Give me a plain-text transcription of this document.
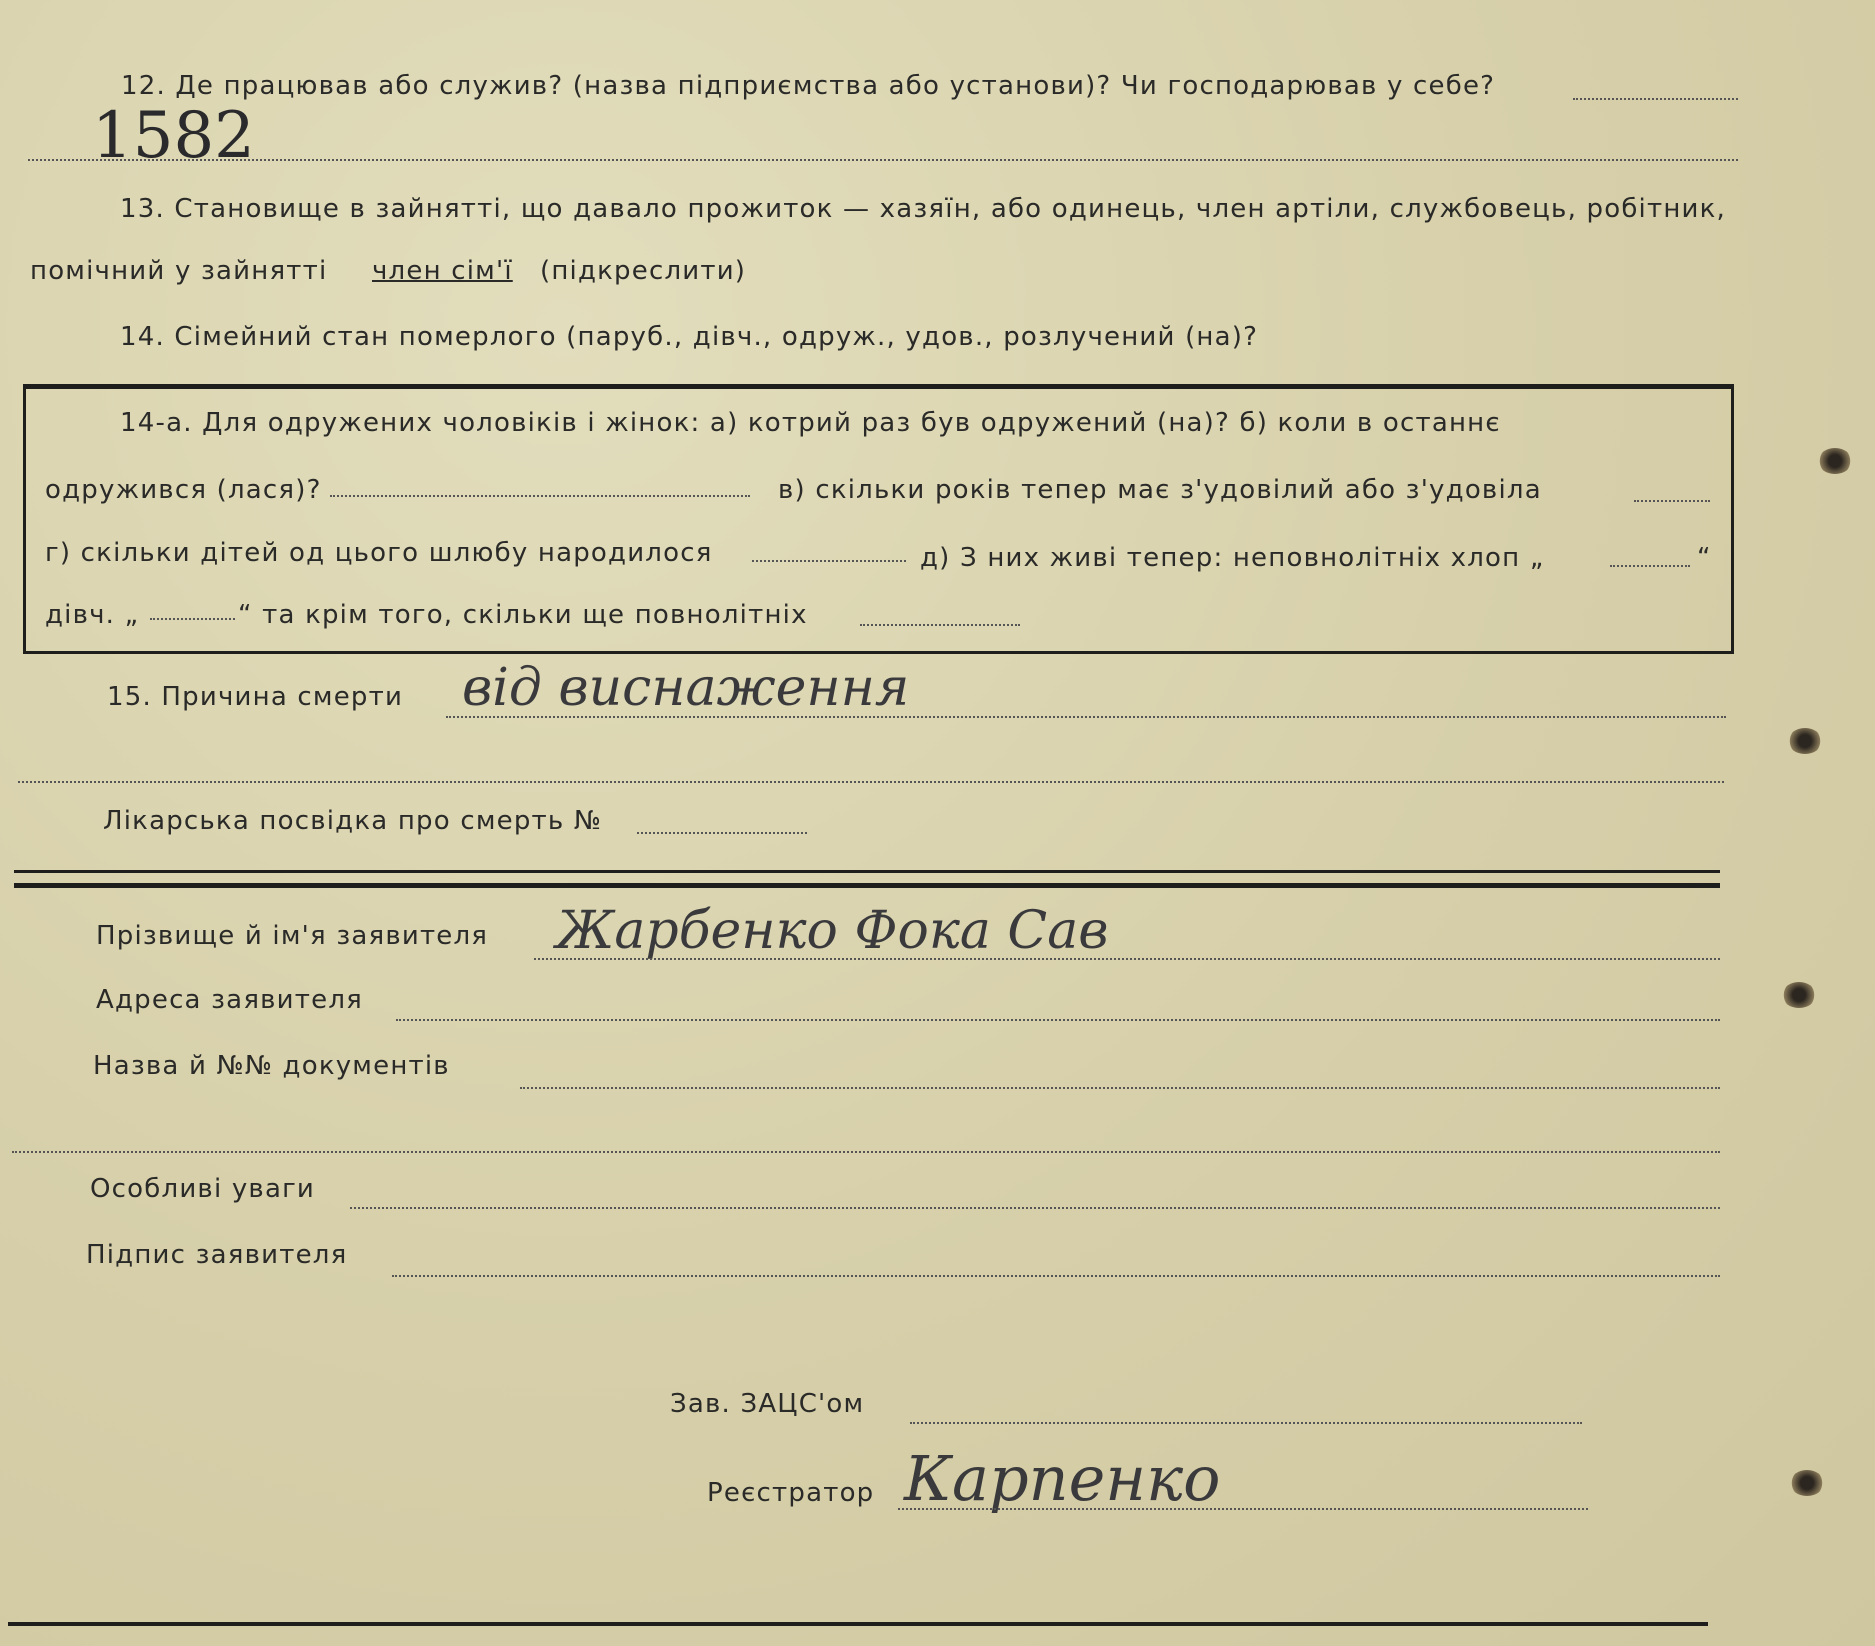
1582
12. Де працював або служив? (назва підприємства або установи)? Чи господарював у себе?
13. Становище в зайнятті, що давало прожиток — хазяїн, або одинець, член артіли, службовець, робітник,
помічний у зайнятті член сім'ї (підкреслити)
14. Сімейний стан померлого (паруб., дівч., одруж., удов., розлучений (на)?
14-а. Для одружених чоловіків і жінок: а) котрий раз був одружений (на)? б) коли в останнє
одружився (лася)?	в) скільки років тепер має з'удовілий або з'удовіла
г) скільки дітей од цього шлюбу народилося	д) З них живі тепер: неповнолітніх хлоп „	“
дівч. „	“ та крім того, скільки ще повнолітніх
15. Причина смерти від виснаження
Лікарська посвідка про смерть №
Прізвище й ім'я заявителя Жарбенко Фока Сав
Адреса заявителя
Назва й №№ документів
Особливі уваги
Підпис заявителя
Зав. ЗАЦС'ом
Реєстратор Карпенко
